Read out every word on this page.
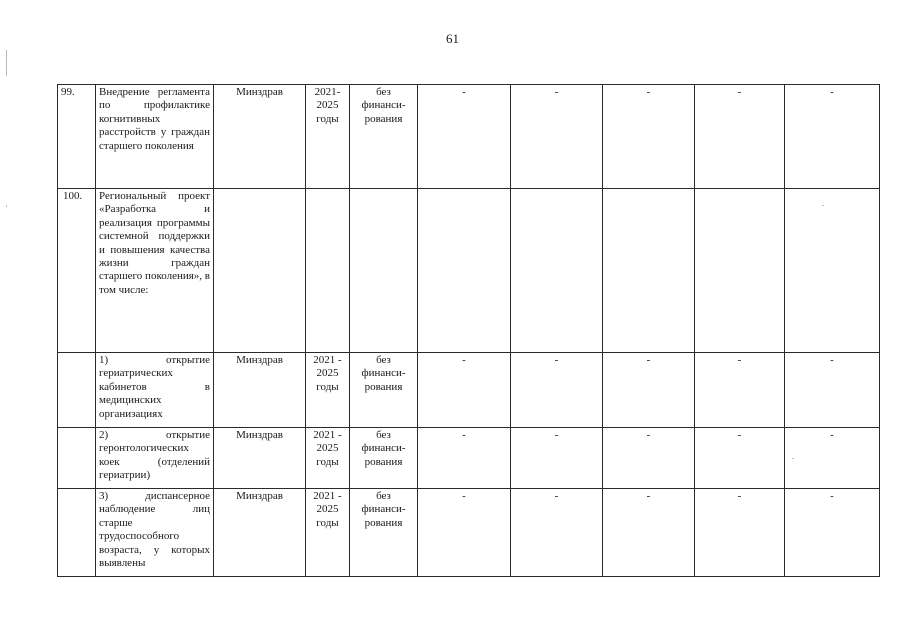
61
99.	Внедрение регламента по профилактике когнитивных расстройств у граждан старшего поколения	Минздрав	2021-2025 годы	без финанси-рования	-	-	-	-	-
100.	Региональный проект «Разработка и реализация программы системной поддержки и повышения качества жизни граждан старшего поколения», в том числе:								
	1) открытие гериатрических кабинетов в медицинских организациях	Минздрав	2021 - 2025 годы	без финанси-рования	-	-	-	-	-
	2) открытие геронтологических коек (отделений гериатрии)	Минздрав	2021 - 2025 годы	без финанси-рования	-	-	-	-	-
	3) диспансерное наблюдение лиц старше трудоспособного возраста, у которых выявлены	Минздрав	2021 - 2025 годы	без финанси-рования	-	-	-	-	-
